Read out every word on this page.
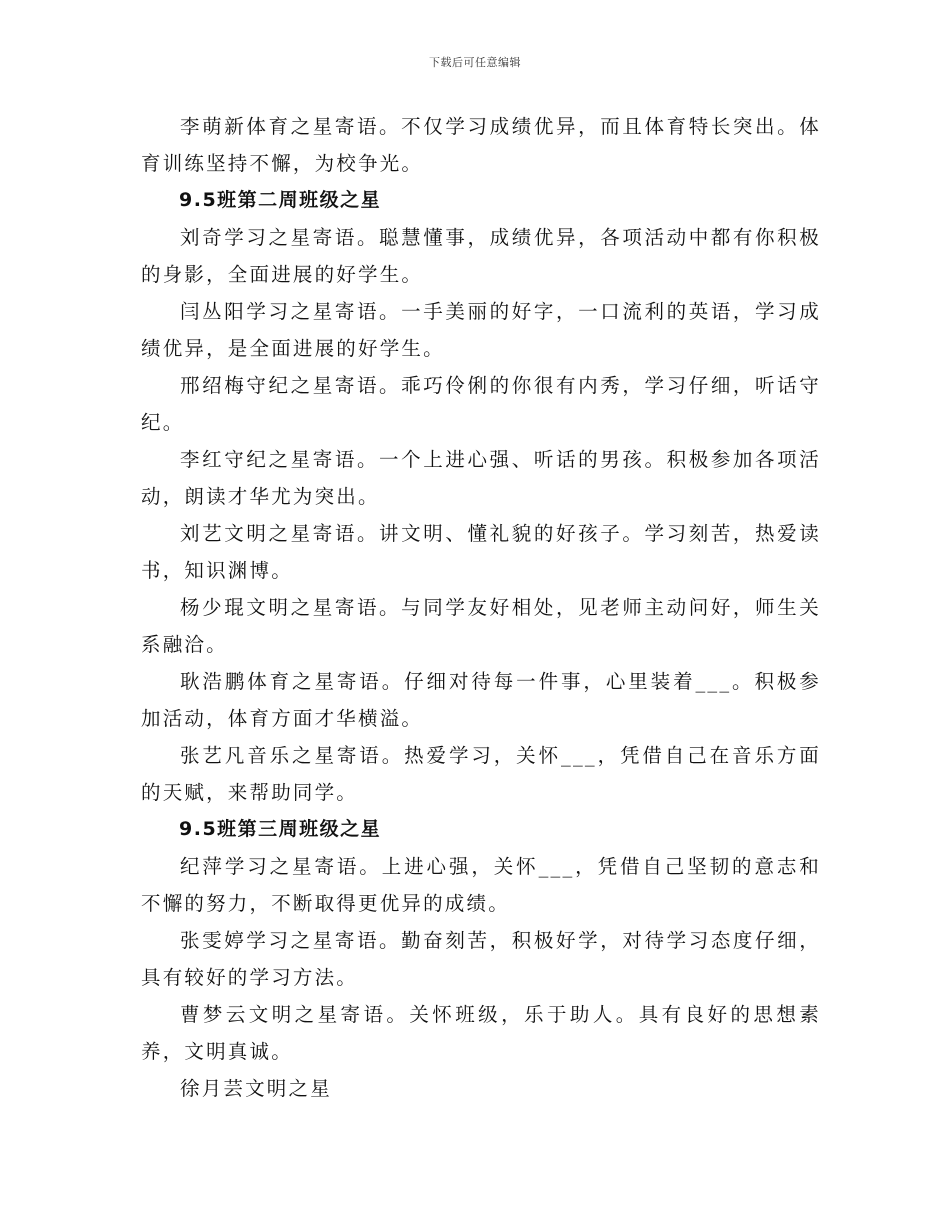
下载后可任意编辑

李萌新体育之星寄语。不仅学习成绩优异，而且体育特长突出。体育训练坚持不懈，为校争光。

9.5班第二周班级之星

刘奇学习之星寄语。聪慧懂事，成绩优异，各项活动中都有你积极的身影，全面进展的好学生。

闫丛阳学习之星寄语。一手美丽的好字，一口流利的英语，学习成绩优异，是全面进展的好学生。

邢绍梅守纪之星寄语。乖巧伶俐的你很有内秀，学习仔细，听话守纪。

李红守纪之星寄语。一个上进心强、听话的男孩。积极参加各项活动，朗读才华尤为突出。

刘艺文明之星寄语。讲文明、懂礼貌的好孩子。学习刻苦，热爱读书，知识渊博。

杨少琨文明之星寄语。与同学友好相处，见老师主动问好，师生关系融洽。

耿浩鹏体育之星寄语。仔细对待每一件事，心里装着___。积极参加活动，体育方面才华横溢。

张艺凡音乐之星寄语。热爱学习，关怀___，凭借自己在音乐方面的天赋，来帮助同学。

9.5班第三周班级之星

纪萍学习之星寄语。上进心强，关怀___，凭借自己坚韧的意志和不懈的努力，不断取得更优异的成绩。

张雯婷学习之星寄语。勤奋刻苦，积极好学，对待学习态度仔细，具有较好的学习方法。

曹梦云文明之星寄语。关怀班级，乐于助人。具有良好的思想素养，文明真诚。

徐月芸文明之星
